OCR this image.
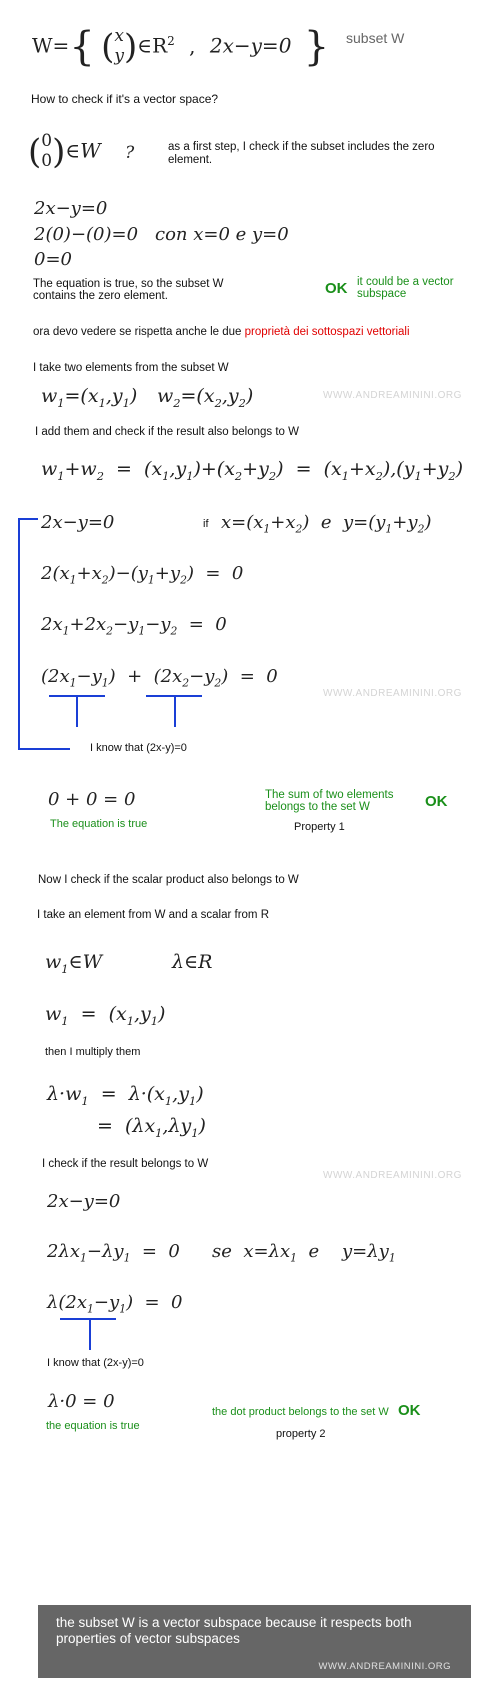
W={ ( x
y )$\in R^2$ , 2x−y=0 } subset W
How to check if it's a vector space?
( 0
0 )∈W ?	as a first step, I check if the subset includes the zero element.
2x−y=0
2(0)−(0)=0 con x=0 e y=0
0=0
The equation is true, so the subset W contains the zero element.	OK it could be a vector subspace
ora devo vedere se rispetta anche le due proprietà dei sottospazi vettoriali
I take two elements from the subset W
$w_1=(x_1,y_1)$ $w_2=(x_2,y_2)$	WWW.ANDREAMININI.ORG
I add them and check if the result also belongs to W
$w_1+w_2 = (x_1,y_1)+(x_2+y_2) = (x_1+x_2),(y_1+y_2)$
2x−y=0	if $x=(x_1+x_2)$  e  $y=(y_1+y_2)$
$2(x_1+x_2)-(y_1+y_2) = 0$
$2x_1+2x_2-y_1-y_2 = 0$
$(2x_1-y_1) + (2x_2-y_2) = 0$
WWW.ANDREAMININI.ORG
I know that (2x-y)=0
0 + 0 = 0
The equation is true
The sum of two elements belongs to the set W	OK
Property 1
Now I check if the scalar product also belongs to W
I take an element from W and a scalar from R
$w_1\in W$	λ∈R
$w_1 = (x_1,y_1)$
then I multiply them
$\lambda\cdot w_1 = \lambda\cdot(x_1,y_1)$
=  $(\lambda x_1,\lambda y_1)$
I check if the result belongs to W
WWW.ANDREAMININI.ORG
2x−y=0
$2\lambda x_1-\lambda y_1 = 0$ se  $x=\lambda x_1$  e    $y=\lambda y_1$
$\lambda(2x_1-y_1) = 0$
I know that (2x-y)=0
λ·0 = 0
the equation is true
the dot product belongs to the set W OK
property 2
the subset W is a vector subspace because it respects both properties of vector subspaces
WWW.ANDREAMININI.ORG
